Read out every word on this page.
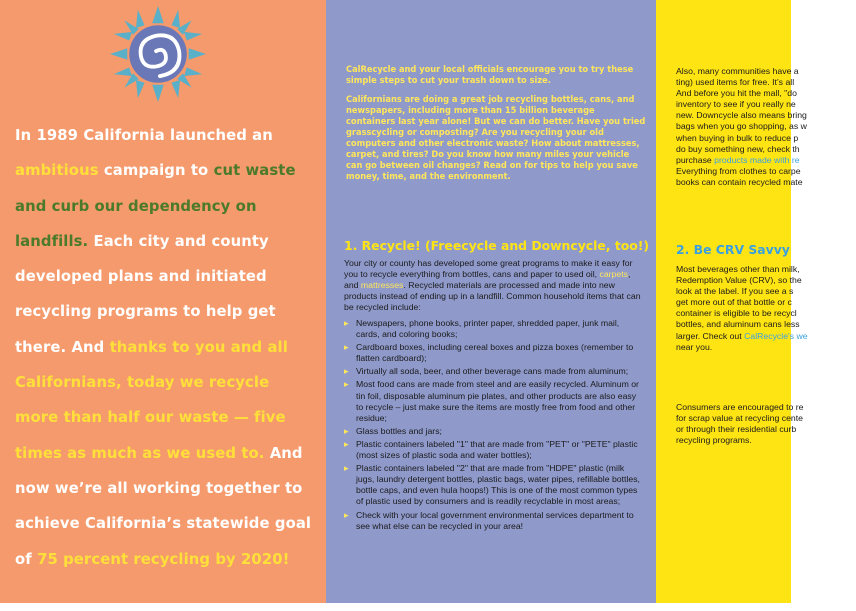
In 1989 California launched an ambitious campaign to cut waste and curb our dependency on landfills. Each city and county developed plans and initiated recycling programs to help get there. And thanks to you and all Californians, today we recycle more than half our waste — five times as much as we used to. And now we’re all working together to achieve California’s statewide goal of 75 percent recycling by 2020!

CalRecycle and your local officials encourage you to try these simple steps to cut your trash down to size.

Californians are doing a great job recycling bottles, cans, and newspapers, including more than 15 billion beverage containers last year alone! But we can do better. Have you tried grasscycling or composting? Are you recycling your old computers and other electronic waste? How about mattresses, carpet, and tires? Do you know how many miles your vehicle can go between oil changes? Read on for tips to help you save money, time, and the environment.

1. Recycle! (Freecycle and Downcycle, too!)

Your city or county has developed some great programs to make it easy for you to recycle everything from bottles, cans and paper to used oil, carpets, and mattresses. Recycled materials are processed and made into new products instead of ending up in a landfill. Common household items that can be recycled include:

▸ Newspapers, phone books, printer paper, shredded paper, junk mail, cards, and coloring books;
▸ Cardboard boxes, including cereal boxes and pizza boxes (remember to flatten cardboard);
▸ Virtually all soda, beer, and other beverage cans made from aluminum;
▸ Most food cans are made from steel and are easily recycled. Aluminum or tin foil, disposable aluminum pie plates, and other products are also easy to recycle – just make sure the items are mostly free from food and other residue;
▸ Glass bottles and jars;
▸ Plastic containers labeled "1" that are made from "PET" or "PETE" plastic (most sizes of plastic soda and water bottles);
▸ Plastic containers labeled "2" that are made from "HDPE" plastic (milk jugs, laundry detergent bottles, plastic bags, water pipes, refillable bottles, bottle caps, and even hula hoops!) This is one of the most common types of plastic used by consumers and is readily recyclable in most areas;
▸ Check with your local government environmental services department to see what else can be recycled in your area!
Also, many communities have a
ting) used items for free. It’s all
And before you hit the mall, "do
inventory to see if you really ne
new. Downcycle also means bring
bags when you go shopping, as w
when buying in bulk to reduce p
do buy something new, check th
purchase products made with re
Everything from clothes to carpe
books can contain recycled mate
2. Be CRV Savvy
Most beverages other than milk,
Redemption Value (CRV), so the
look at the label. If you see a s
get more out of that bottle or c
container is eligible to be recycl
bottles, and aluminum cans less
larger. Check out CalRecycle's we
near you.
Consumers are encouraged to re
for scrap value at recycling cente
or through their residential curb
recycling programs.
